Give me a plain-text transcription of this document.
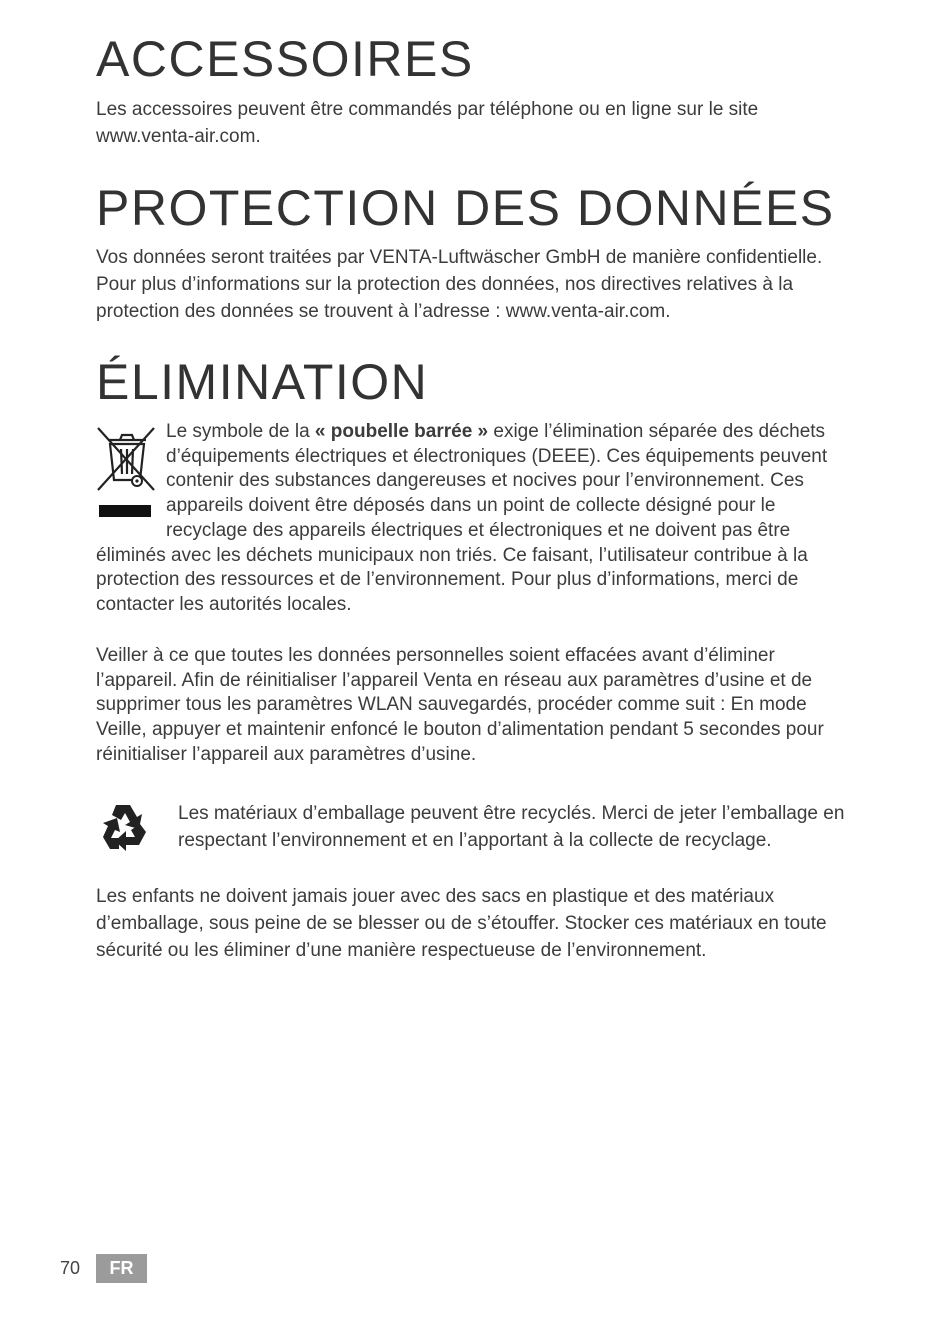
ACCESSOIRES

Les accessoires peuvent être commandés par téléphone ou en ligne sur le site www.venta-air.com.

PROTECTION DES DONNÉES

Vos données seront traitées par VENTA-Luftwäscher GmbH de manière confidentielle. Pour plus d’informations sur la protection des données, nos directives relatives à la protection des données se trouvent à l’adresse : www.venta-air.com.

ÉLIMINATION

Le symbole de la « poubelle barrée » exige l’élimination séparée des déchets d’équipements électriques et électroniques (DEEE). Ces équipements peuvent contenir des substances dangereuses et nocives pour l’environnement. Ces appareils doivent être déposés dans un point de collecte désigné pour le recyclage des appareils électriques et électroniques et ne doivent pas être éliminés avec les déchets municipaux non triés. Ce faisant, l’utilisateur contribue à la protection des ressources et de l’environnement. Pour plus d’informations, merci de contacter les autorités locales.

Veiller à ce que toutes les données personnelles soient effacées avant d’éliminer l’appareil. Afin de réinitialiser l’appareil Venta en réseau aux paramètres d’usine et de supprimer tous les paramètres WLAN sauvegardés, procéder comme suit : En mode Veille, appuyer et maintenir enfoncé le bouton d’alimentation pendant 5 secondes pour réinitialiser l’appareil aux paramètres d’usine.

Les matériaux d’emballage peuvent être recyclés. Merci de jeter l’emballage en respectant l’environnement et en l’apportant à la collecte de recyclage.

Les enfants ne doivent jamais jouer avec des sacs en plastique et des matériaux d’emballage, sous peine de se blesser ou de s’étouffer. Stocker ces matériaux en toute sécurité ou les éliminer d’une manière respectueuse de l’environnement.

70	FR
